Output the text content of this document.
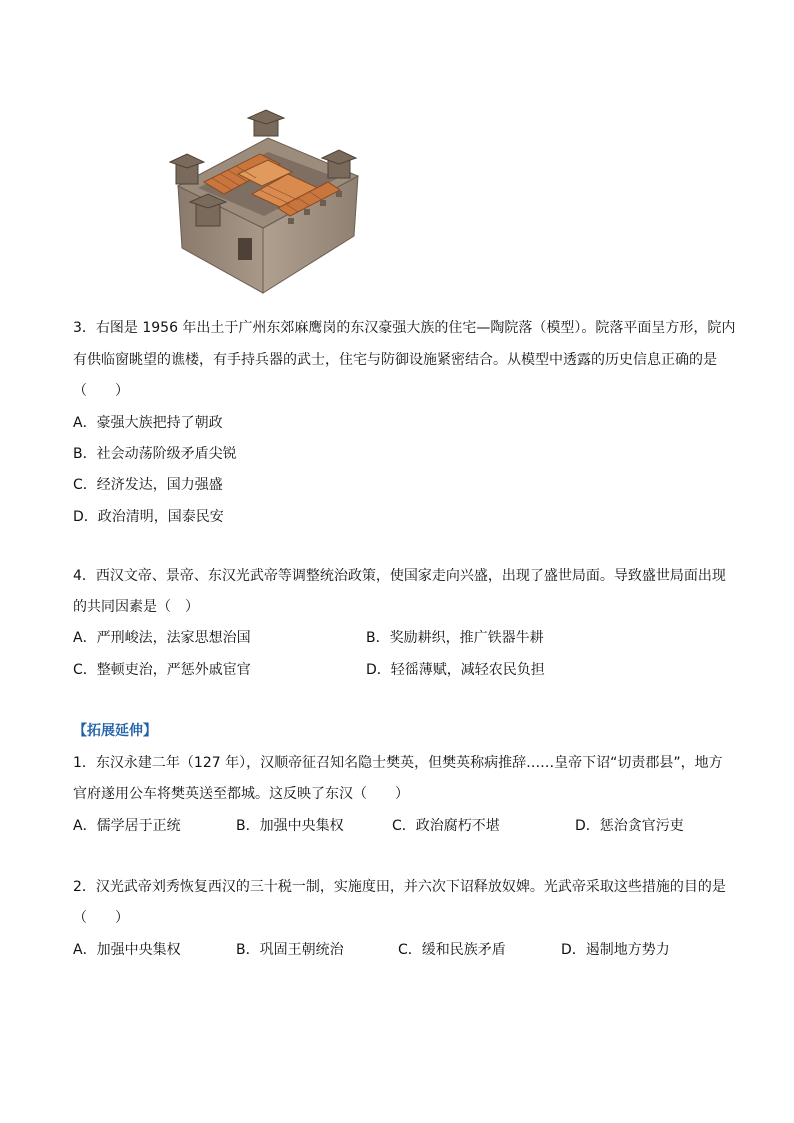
3．右图是 1956 年出土于广州东郊麻鹰岗的东汉豪强大族的住宅—陶院落（模型）。院落平面呈方形，院内
有供临窗眺望的谯楼，有手持兵器的武士，住宅与防御设施紧密结合。从模型中透露的历史信息正确的是
（　　）
A．豪强大族把持了朝政
B．社会动荡阶级矛盾尖锐
C．经济发达，国力强盛
D．政治清明，国泰民安
4．西汉文帝、景帝、东汉光武帝等调整统治政策，使国家走向兴盛，出现了盛世局面。导致盛世局面出现
的共同因素是（　）
A．严刑峻法，法家思想治国	B．奖励耕织，推广铁器牛耕
C．整顿吏治，严惩外戚宦官	D．轻徭薄赋，减轻农民负担
【拓展延伸】
1．东汉永建二年（127 年），汉顺帝征召知名隐士樊英，但樊英称病推辞……皇帝下诏“切责郡县”，地方
官府遂用公车将樊英送至都城。这反映了东汉（　　）
A．儒学居于正统	B．加强中央集权	C．政治腐朽不堪	D．惩治贪官污吏
2．汉光武帝刘秀恢复西汉的三十税一制，实施度田，并六次下诏释放奴婢。光武帝采取这些措施的目的是
（　　）
A．加强中央集权	B．巩固王朝统治	C．缓和民族矛盾	D．遏制地方势力
